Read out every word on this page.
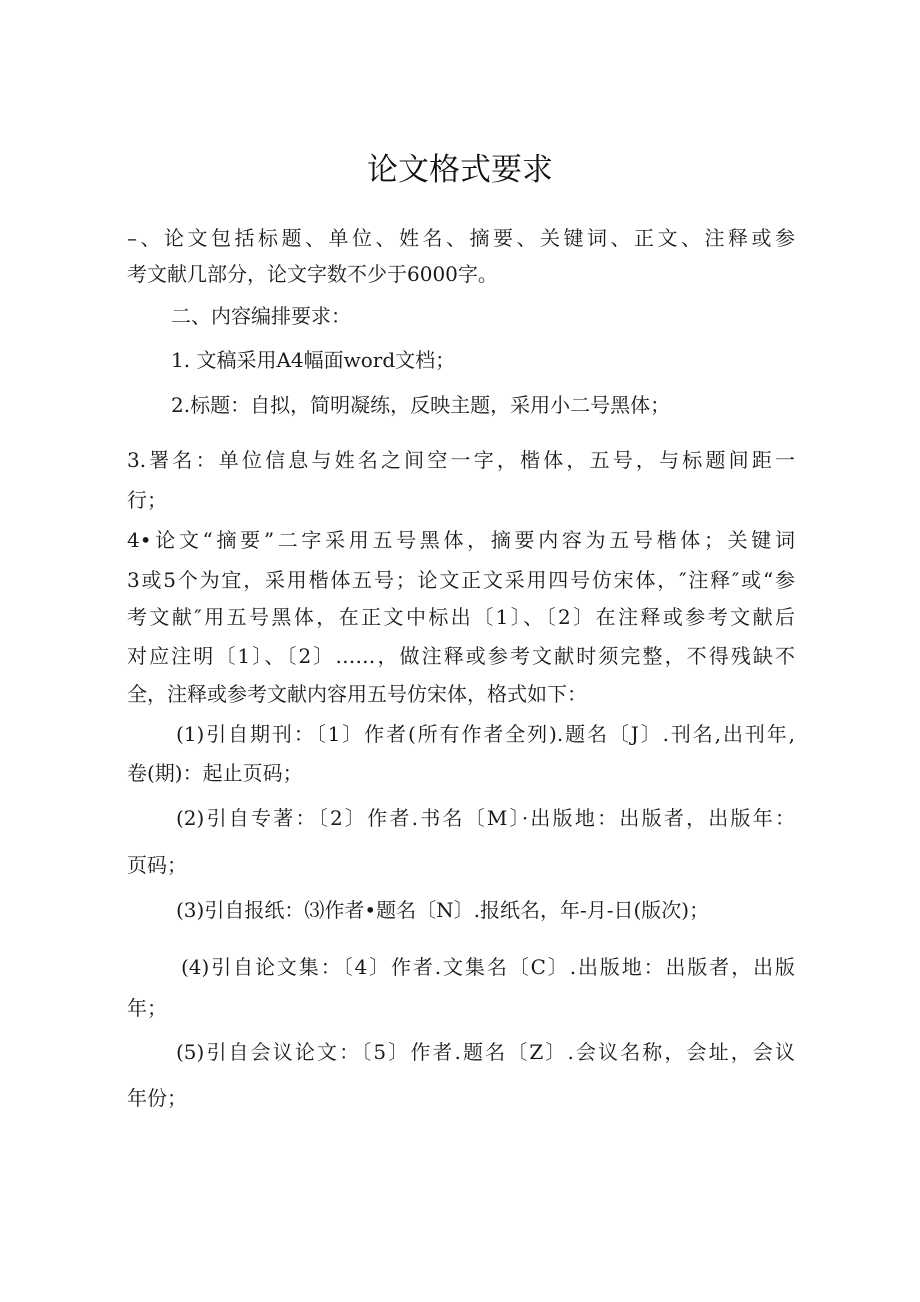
论文格式要求
–、论文包括标题、单位、姓名、摘要、关键词、正文、注释或参
考文献几部分，论文字数不少于6000字。
二、内容编排要求：
1. 文稿采用A4幅面word文档；
2.标题：自拟，简明凝练，反映主题，采用小二号黑体；
3.署名：单位信息与姓名之间空一字，楷体，五号，与标题间距一
行；
4•论文“摘要”二字采用五号黑体，摘要内容为五号楷体；关键词
3或5个为宜，采用楷体五号；论文正文采用四号仿宋体，″注释″或“参
考文献″用五号黑体，在正文中标出〔1〕、〔2〕在注释或参考文献后
对应注明〔1〕、〔2〕……，做注释或参考文献时须完整，不得残缺不
全，注释或参考文献内容用五号仿宋体，格式如下：
(1)引自期刊：〔1〕作者(所有作者全列).题名〔J〕.刊名,出刊年,
卷(期)：起止页码；
(2)引自专著：〔2〕作者.书名〔M〕·出版地：出版者，出版年：
页码；
(3)引自报纸：⑶作者•题名〔N〕.报纸名，年-月-日(版次)；
(4)引自论文集：〔4〕作者.文集名〔C〕.出版地：出版者，出版
年；
(5)引自会议论文：〔5〕作者.题名〔Z〕.会议名称，会址，会议
年份；
